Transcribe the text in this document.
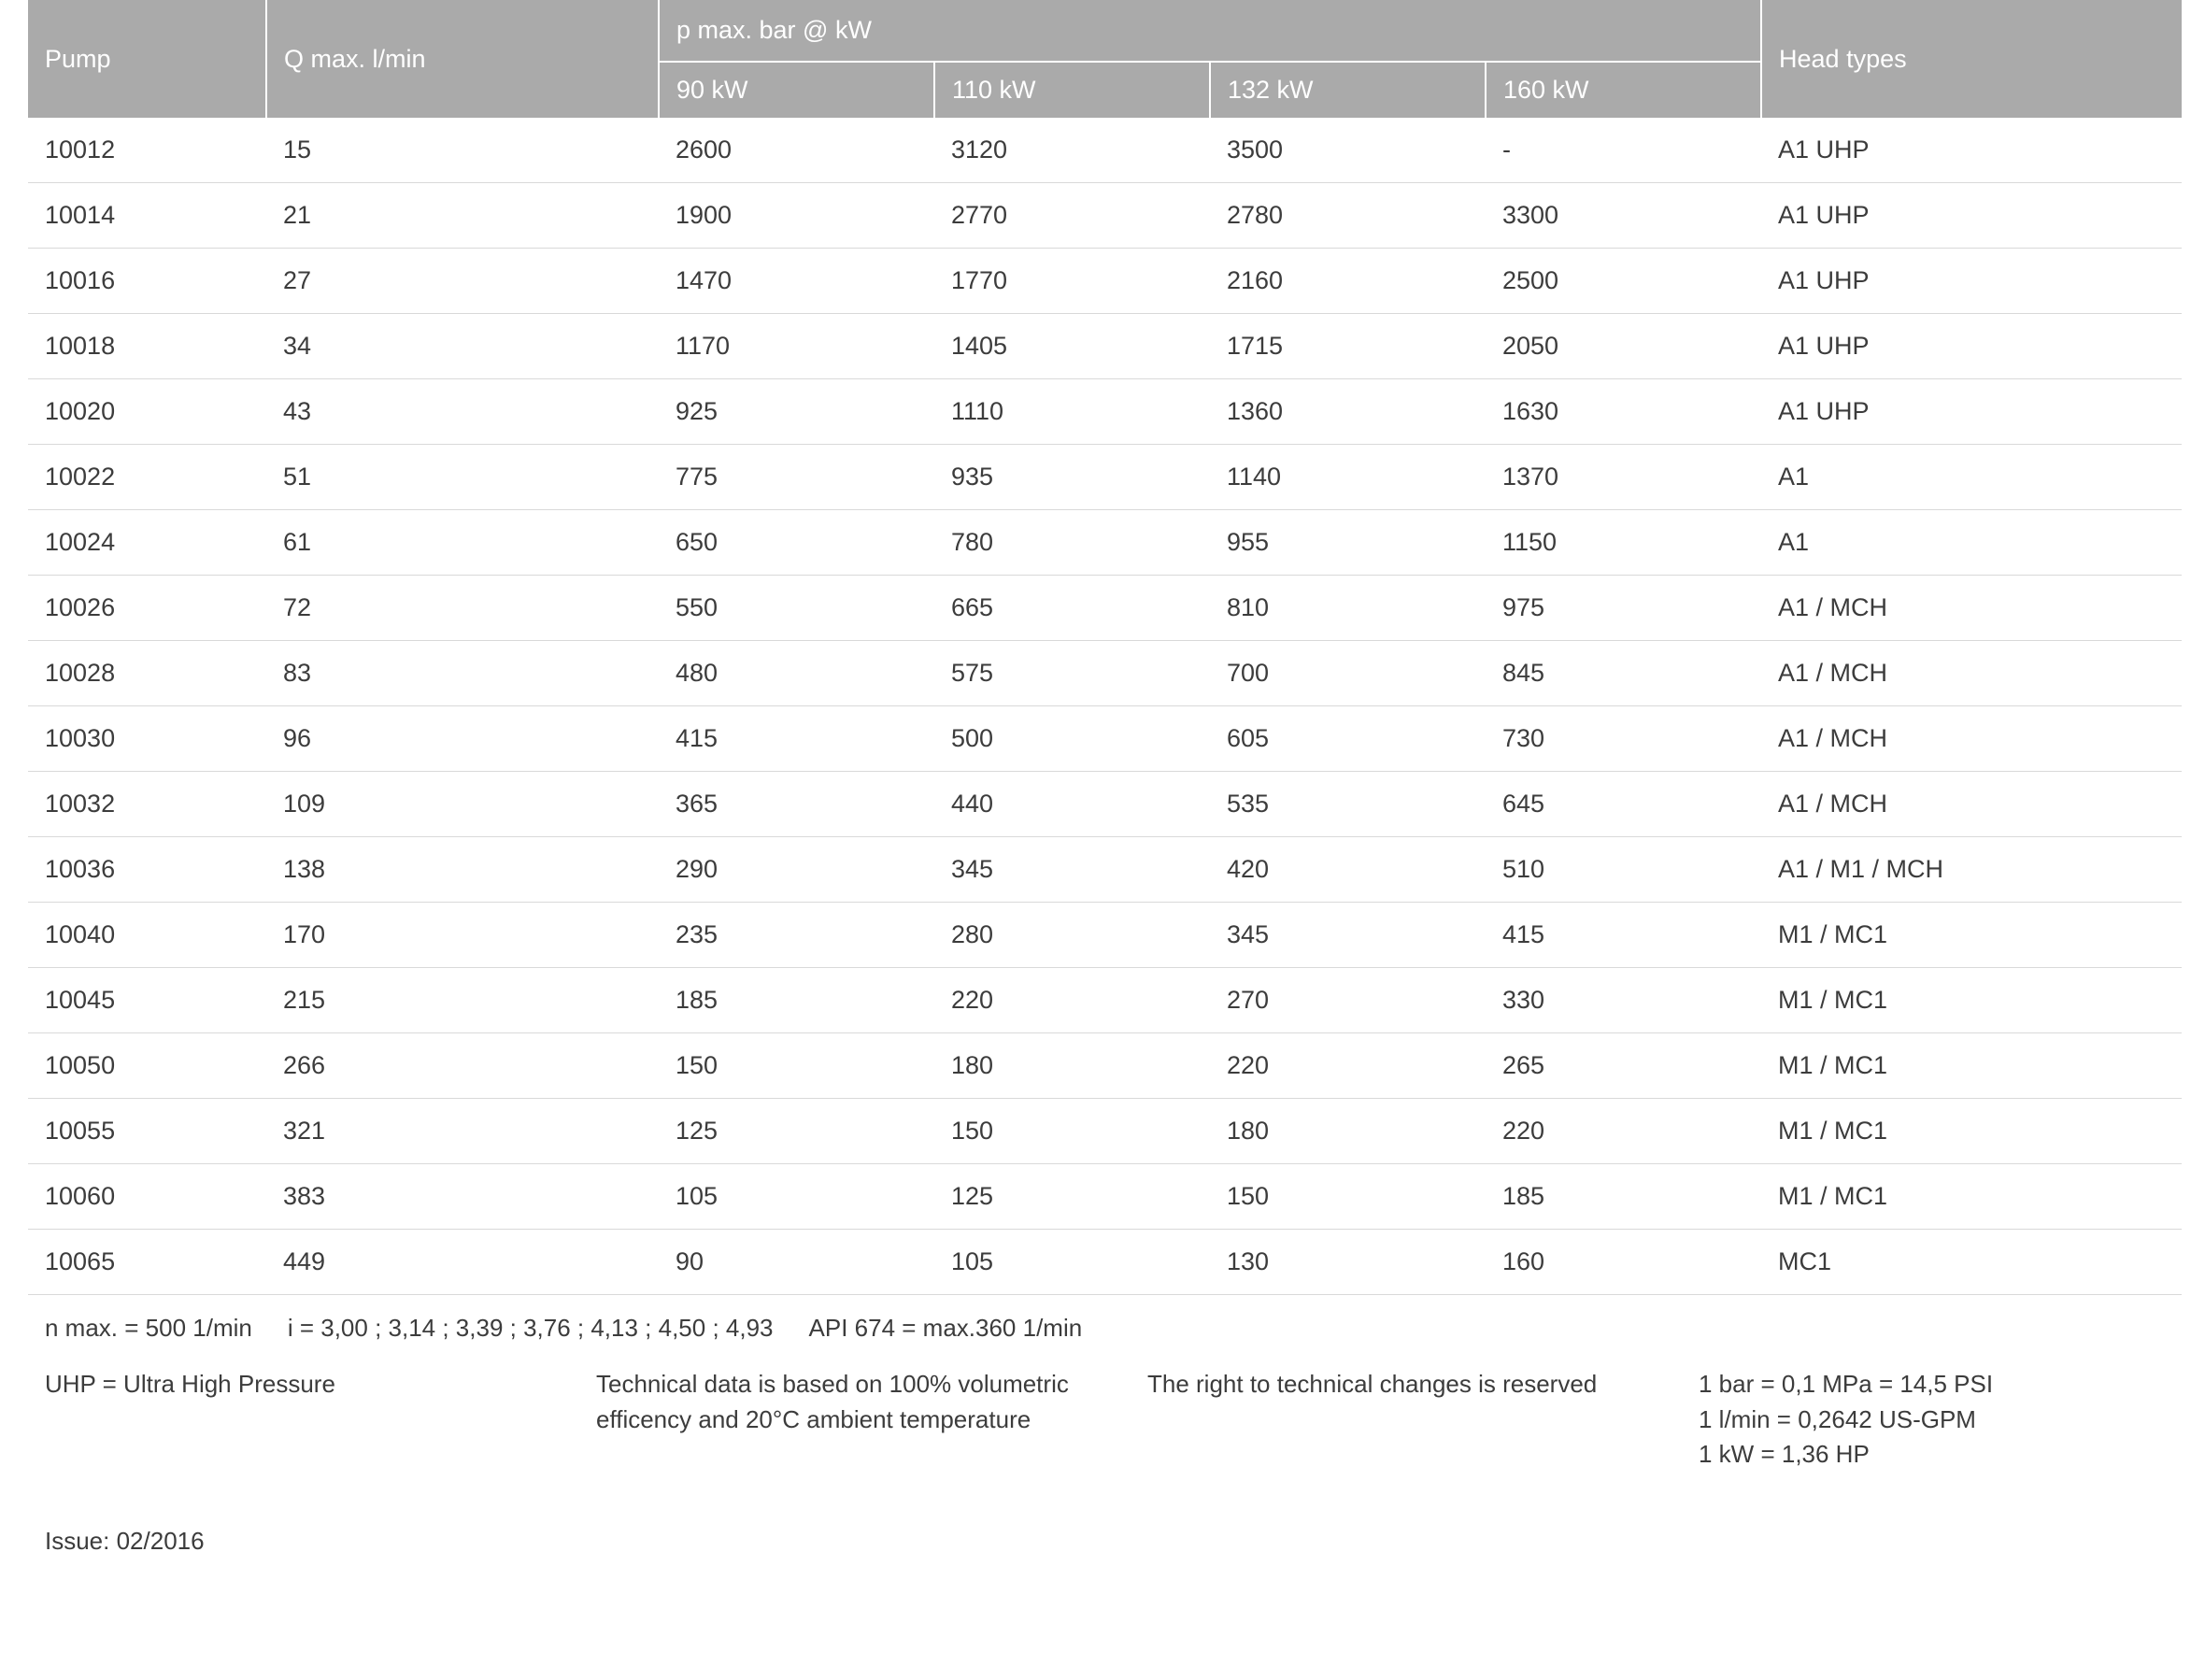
Pump	Q max. l/min	p max. bar @ kW				Head types
		90 kW	110 kW	132 kW	160 kW	
10012	15	2600	3120	3500	-	A1 UHP
10014	21	1900	2770	2780	3300	A1 UHP
10016	27	1470	1770	2160	2500	A1 UHP
10018	34	1170	1405	1715	2050	A1 UHP
10020	43	925	1110	1360	1630	A1 UHP
10022	51	775	935	1140	1370	A1
10024	61	650	780	955	1150	A1
10026	72	550	665	810	975	A1 / MCH
10028	83	480	575	700	845	A1 / MCH
10030	96	415	500	605	730	A1 / MCH
10032	109	365	440	535	645	A1 / MCH
10036	138	290	345	420	510	A1 / M1 / MCH
10040	170	235	280	345	415	M1 / MC1
10045	215	185	220	270	330	M1 / MC1
10050	266	150	180	220	265	M1 / MC1
10055	321	125	150	180	220	M1 / MC1
10060	383	105	125	150	185	M1 / MC1
10065	449	90	105	130	160	MC1
n max. = 500 1/min i = 3,00 ; 3,14 ; 3,39 ; 3,76 ; 4,13 ; 4,50 ; 4,93 API 674 = max.360 1/min
UHP = Ultra High Pressure	Technical data is based on 100% volumetric efficency and 20°C ambient temperature
The right to technical changes is reserved	1 bar = 0,1 MPa = 14,5 PSI
1 l/min = 0,2642 US-GPM
1 kW = 1,36 HP
Issue: 02/2016
